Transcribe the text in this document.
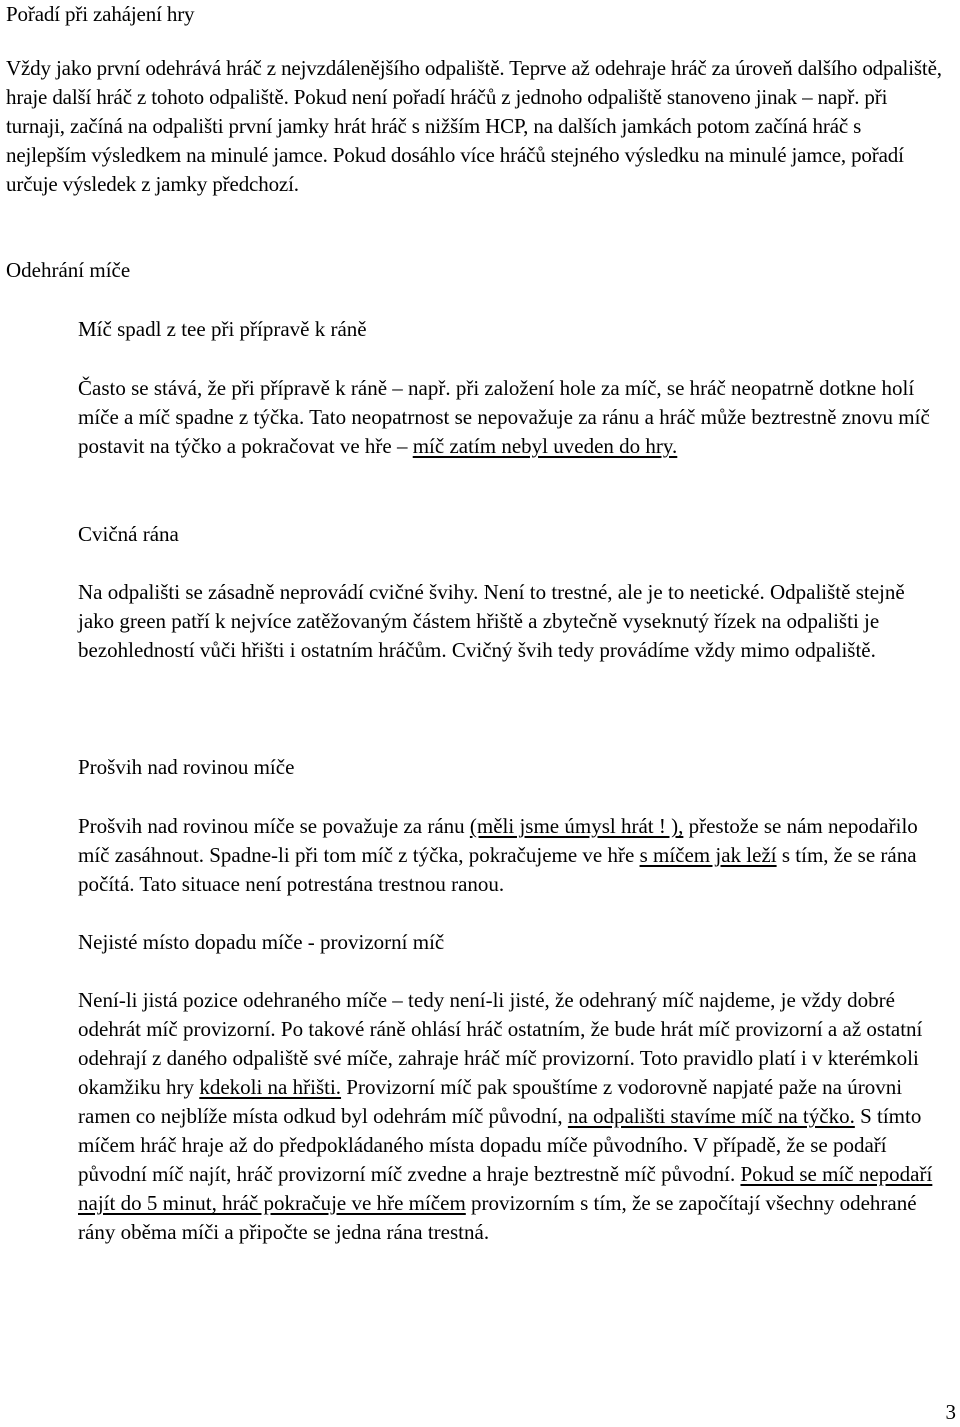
Pořadí při zahájení hry

Vždy jako první odehrává hráč z nejvzdálenějšího odpaliště. Teprve až odehraje hráč za úroveň dalšího odpaliště, hraje další hráč z tohoto odpaliště. Pokud není pořadí hráčů z jednoho odpaliště stanoveno jinak – např. při turnaji, začíná na odpališti první jamky hrát hráč s nižším HCP, na dalších jamkách potom začíná hráč s nejlepším výsledkem na minulé jamce. Pokud dosáhlo více hráčů stejného výsledku na minulé jamce, pořadí určuje výsledek z jamky předchozí.

Odehrání míče
Míč spadl z tee při přípravě k ráně

Často se stává, že při přípravě k ráně – např. při založení hole za míč, se hráč neopatrně dotkne holí míče a míč spadne z týčka. Tato neopatrnost se nepovažuje za ránu a hráč může beztrestně znovu míč postavit na týčko a pokračovat ve hře – míč zatím nebyl uveden do hry.

Cvičná rána
Na odpališti se zásadně neprovádí cvičné švihy. Není to trestné, ale je to neetické. Odpaliště stejně jako green patří k nejvíce zatěžovaným částem hřiště a zbytečně vyseknutý řízek na odpališti je bezohledností vůči hřišti i ostatním hráčům. Cvičný švih tedy provádíme vždy mimo odpaliště.
Prošvih nad rovinou míče

Prošvih nad rovinou míče se považuje za ránu (měli jsme úmysl hrát ! ), přestože se nám nepodařilo míč zasáhnout. Spadne-li při tom míč z týčka, pokračujeme ve hře s míčem jak leží s tím, že se rána počítá. Tato situace není potrestána trestnou ranou.

Nejisté místo dopadu míče - provizorní míč

Není-li jistá pozice odehraného míče – tedy není-li jisté, že odehraný míč najdeme, je vždy dobré odehrát míč provizorní. Po takové ráně ohlásí hráč ostatním, že bude hrát míč provizorní a až ostatní odehrají z daného odpaliště své míče, zahraje hráč míč provizorní. Toto pravidlo platí i v kterémkoli okamžiku hry kdekoli na hřišti. Provizorní míč pak spouštíme z vodorovně napjaté paže na úrovni ramen co nejblíže místa odkud byl odehrám míč původní, na odpališti stavíme míč na týčko. S tímto míčem hráč hraje až do předpokládaného místa dopadu míče původního. V případě, že se podaří původní míč najít, hráč provizorní míč zvedne a hraje beztrestně míč původní. Pokud se míč nepodaří najít do 5 minut, hráč pokračuje ve hře míčem provizorním s tím, že se započítají všechny odehrané rány oběma míči a připočte se jedna rána trestná.

3
